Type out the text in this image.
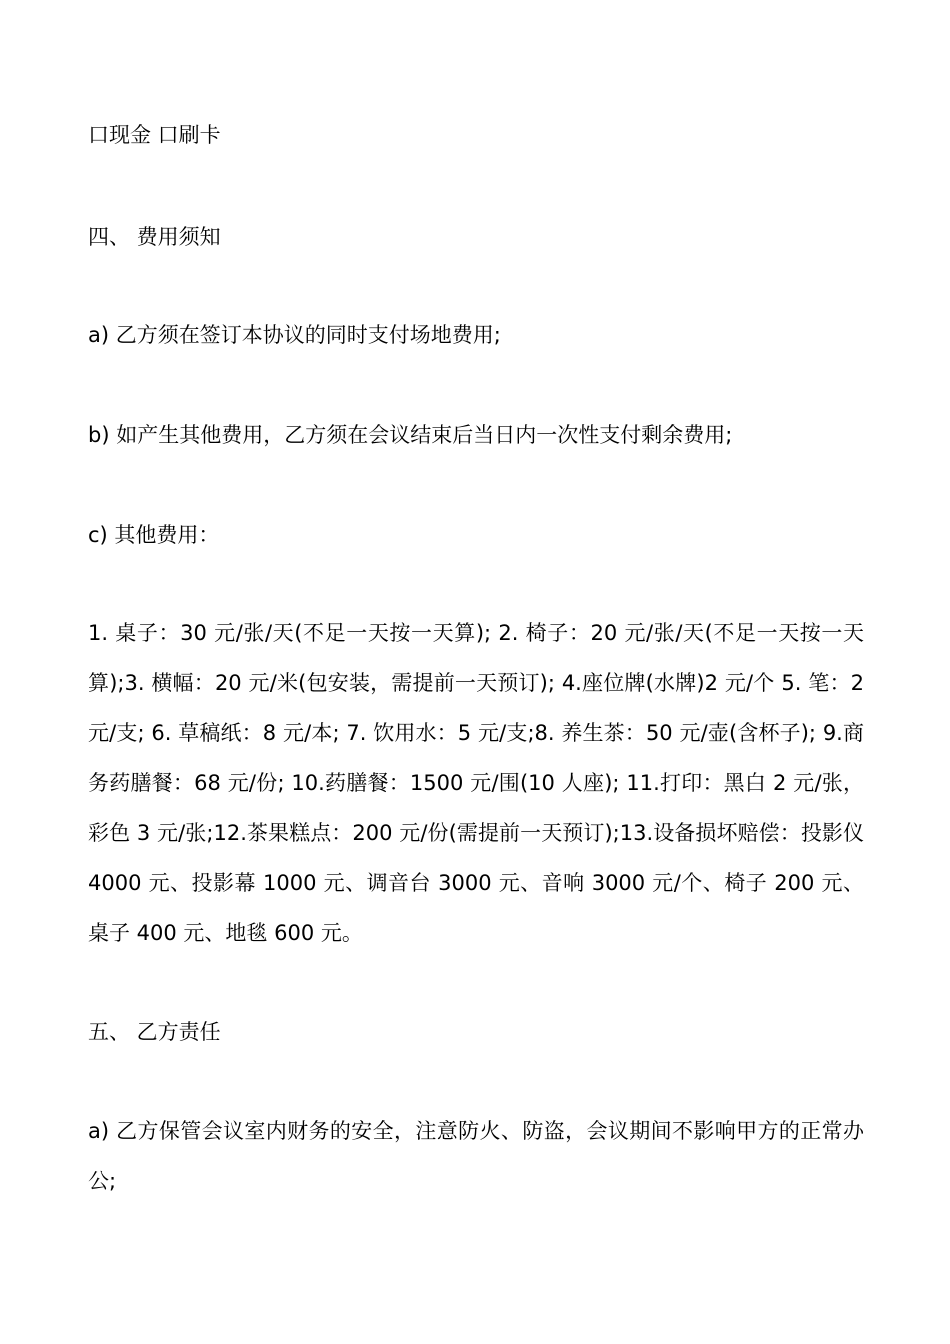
口现金 口刷卡
四、 费用须知
a) 乙方须在签订本协议的同时支付场地费用;
b) 如产生其他费用，乙方须在会议结束后当日内一次性支付剩余费用;
c) 其他费用：
1. 桌子：30 元/张/天(不足一天按一天算); 2. 椅子：20 元/张/天(不足一天按一天算);3. 横幅：20 元/米(包安装，需提前一天预订); 4.座位牌(水牌)2 元/个 5. 笔：2 元/支; 6. 草稿纸：8 元/本; 7. 饮用水：5 元/支;8. 养生茶：50 元/壶(含杯子); 9.商务药膳餐：68 元/份; 10.药膳餐：1500 元/围(10 人座); 11.打印：黑白 2 元/张，彩色 3 元/张;12.茶果糕点：200 元/份(需提前一天预订);13.设备损坏赔偿：投影仪 4000 元、投影幕 1000 元、调音台 3000 元、音响 3000 元/个、椅子 200 元、桌子 400 元、地毯 600 元。
五、 乙方责任
a) 乙方保管会议室内财务的安全，注意防火、防盗，会议期间不影响甲方的正常办公;
